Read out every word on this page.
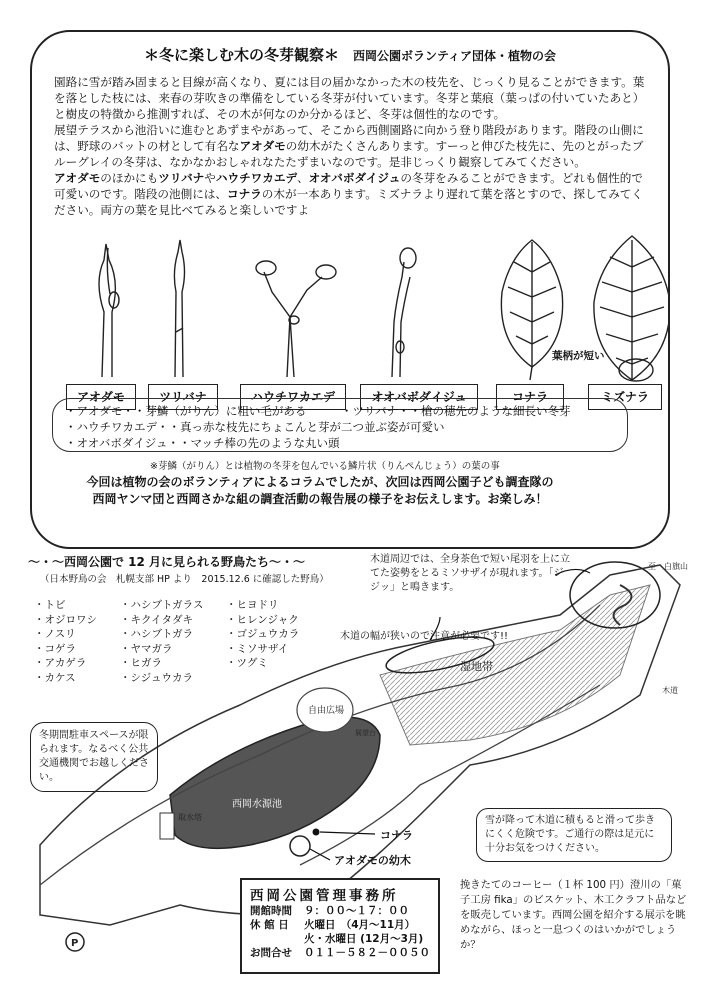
＊冬に楽しむ木の冬芽観察＊ 西岡公園ボランティア団体・植物の会

園路に雪が踏み固まると目線が高くなり、夏には目の届かなかった木の枝先を、じっくり見ることができます。葉を落とした枝には、来春の芽吹きの準備をしている冬芽が付いています。冬芽と葉痕（葉っぱの付いていたあと）と樹皮の特徴から推測すれば、その木が何なのか分かるほど、冬芽は個性的なのです。

展望テラスから池沿いに進むとあずまやがあって、そこから西側園路に向かう登り階段があります。階段の山側には、野球のバットの材として有名なアオダモの幼木がたくさんあります。すーっと伸びた枝先に、先のとがったブルーグレイの冬芽は、なかなかおしゃれなたたずまいなのです。是非じっくり観察してみてください。

アオダモのほかにもツリバナやハウチワカエデ、オオバボダイジュの冬芽をみることができます。どれも個性的で可愛いのです。階段の池側には、コナラの木が一本あります。ミズナラより遅れて葉を落とすので、探してみてください。両方の葉を見比べてみると楽しいですよ

葉柄が短い
アオダモ	ツリバナ	ハウチワカエデ	オオバボダイジュ	コナラ	ミズナラ
・アオダモ・・芽鱗（がりん）に粗い毛がある　　　・ツリバナ・・槍の穂先のような細長い冬芽
・ハウチワカエデ・・真っ赤な枝先にちょこんと芽が二つ並ぶ姿が可愛い
・オオバボダイジュ・・マッチ棒の先のような丸い頭
※芽鱗（がりん）とは植物の冬芽を包んでいる鱗片状（りんぺんじょう）の葉の事
今回は植物の会のボランティアによるコラムでしたが、次回は西岡公園子ども調査隊の
西岡ヤンマ団と西岡さかな組の調査活動の報告展の様子をお伝えします。お楽しみ！
自由広場
湿地帯
西岡水源池
展望台
取水塔
至　白旗山
木道
P
～・～西岡公園で 12 月に見られる野鳥たち～・～
（日本野鳥の会　札幌支部 HP より　2015.12.6 に確認した野鳥）
・トビ
・オジロワシ
・ノスリ
・コゲラ
・アカゲラ
・カケス
・ハシブトガラス
・キクイタダキ
・ハシブトガラ
・ヤマガラ
・ヒガラ
・シジュウカラ
・ヒヨドリ
・ヒレンジャク
・ゴジュウカラ
・ミソサザイ
・ツグミ
木道周辺では、全身茶色で短い尾羽を上に立てた姿勢をとるミソサザイが現れます。「ジジッ」と鳴きます。
木道の幅が狭いので注意が必要です!!
冬期間駐車スペースが限られます。なるべく公共交通機関でお越しください。
雪が降って木道に積もると滑って歩きにくく危険です。ご通行の際は足元に十分お気をつけください。
コナラ
アオダモの幼木
西岡公園管理事務所
開館時間	９：００～１７：００
休 館 日	火曜日　（4月～11月）
火・水曜日 (12月～3月)
お問合せ	０１１－５８２－００５０
挽きたてのコーヒー（１杯 100 円）澄川の「菓子工房 fika」のビスケット、木工クラフト品などを販売しています。西岡公園を紹介する展示を眺めながら、ほっと一息つくのはいかがでしょうか？
